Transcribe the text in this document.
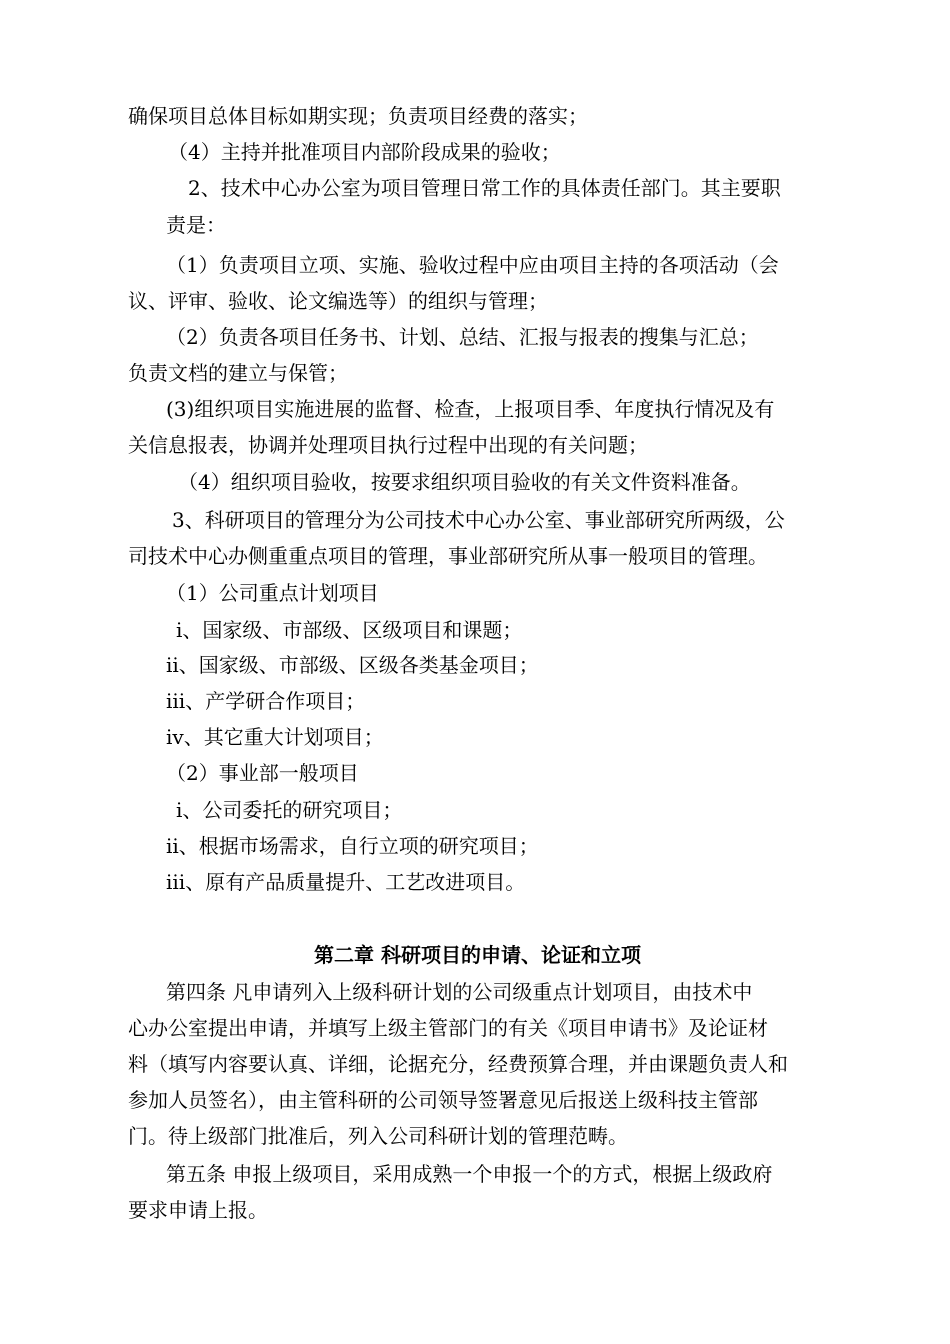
确保项目总体目标如期实现；负责项目经费的落实；
（4）主持并批准项目内部阶段成果的验收；
2、技术中心办公室为项目管理日常工作的具体责任部门。其主要职
责是：
（1）负责项目立项、实施、验收过程中应由项目主持的各项活动（会
议、评审、验收、论文编选等）的组织与管理；
（2）负责各项目任务书、计划、总结、汇报与报表的搜集与汇总；
负责文档的建立与保管；
(3)组织项目实施进展的监督、检查，上报项目季、年度执行情况及有
关信息报表，协调并处理项目执行过程中出现的有关问题；
（4）组织项目验收，按要求组织项目验收的有关文件资料准备。
3、科研项目的管理分为公司技术中心办公室、事业部研究所两级，公
司技术中心办侧重重点项目的管理，事业部研究所从事一般项目的管理。
（1）公司重点计划项目
ⅰ、国家级、市部级、区级项目和课题；
ⅱ、国家级、市部级、区级各类基金项目；
ⅲ、产学研合作项目；
ⅳ、其它重大计划项目；
（2）事业部一般项目
ⅰ、公司委托的研究项目；
ⅱ、根据市场需求，自行立项的研究项目；
ⅲ、原有产品质量提升、工艺改进项目。
第二章 科研项目的申请、论证和立项
第四条 凡申请列入上级科研计划的公司级重点计划项目，由技术中
心办公室提出申请，并填写上级主管部门的有关《项目申请书》及论证材
料（填写内容要认真、详细，论据充分，经费预算合理，并由课题负责人和
参加人员签名），由主管科研的公司领导签署意见后报送上级科技主管部
门。待上级部门批准后，列入公司科研计划的管理范畴。
第五条 申报上级项目，采用成熟一个申报一个的方式，根据上级政府
要求申请上报。
